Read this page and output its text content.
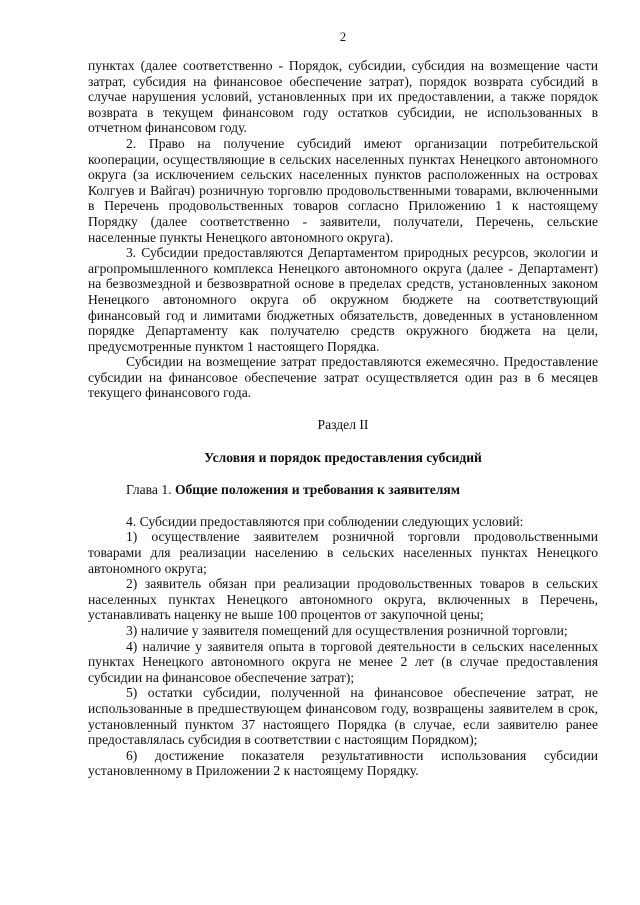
2

пунктах (далее соответственно - Порядок, субсидии, субсидия на возмещение части затрат, субсидия на финансовое обеспечение затрат), порядок возврата субсидий в случае нарушения условий, установленных при их предоставлении, а также порядок возврата в текущем финансовом году остатков субсидии, не использованных в отчетном финансовом году.

2. Право на получение субсидий имеют организации потребительской кооперации, осуществляющие в сельских населенных пунктах Ненецкого автономного округа (за исключением сельских населенных пунктов расположенных на островах Колгуев и Вайгач) розничную торговлю продовольственными товарами, включенными в Перечень продовольственных товаров согласно Приложению 1 к настоящему Порядку (далее соответственно - заявители, получатели, Перечень, сельские населенные пункты Ненецкого автономного округа).

3. Субсидии предоставляются Департаментом природных ресурсов, экологии и агропромышленного комплекса Ненецкого автономного округа (далее - Департамент) на безвозмездной и безвозвратной основе в пределах средств, установленных законом Ненецкого автономного округа об окружном бюджете на соответствующий финансовый год и лимитами бюджетных обязательств, доведенных в установленном порядке Департаменту как получателю средств окружного бюджета на цели, предусмотренные пунктом 1 настоящего Порядка.

Субсидии на возмещение затрат предоставляются ежемесячно. Предоставление субсидии на финансовое обеспечение затрат осуществляется один раз в 6 месяцев текущего финансового года.

Раздел II

Условия и порядок предоставления субсидий

Глава 1. Общие положения и требования к заявителям

4. Субсидии предоставляются при соблюдении следующих условий:

1) осуществление заявителем розничной торговли продовольственными товарами для реализации населению в сельских населенных пунктах Ненецкого автономного округа;

2) заявитель обязан при реализации продовольственных товаров в сельских населенных пунктах Ненецкого автономного округа, включенных в Перечень, устанавливать наценку не выше 100 процентов от закупочной цены;

3) наличие у заявителя помещений для осуществления розничной торговли;

4) наличие у заявителя опыта в торговой деятельности в сельских населенных пунктах Ненецкого автономного округа не менее 2 лет (в случае предоставления субсидии на финансовое обеспечение затрат);

5) остатки субсидии, полученной на финансовое обеспечение затрат, не использованные в предшествующем финансовом году, возвращены заявителем в срок, установленный пунктом 37 настоящего Порядка (в случае, если заявителю ранее предоставлялась субсидия в соответствии с настоящим Порядком);

6) достижение показателя результативности использования субсидии установленному в Приложении 2 к настоящему Порядку.
